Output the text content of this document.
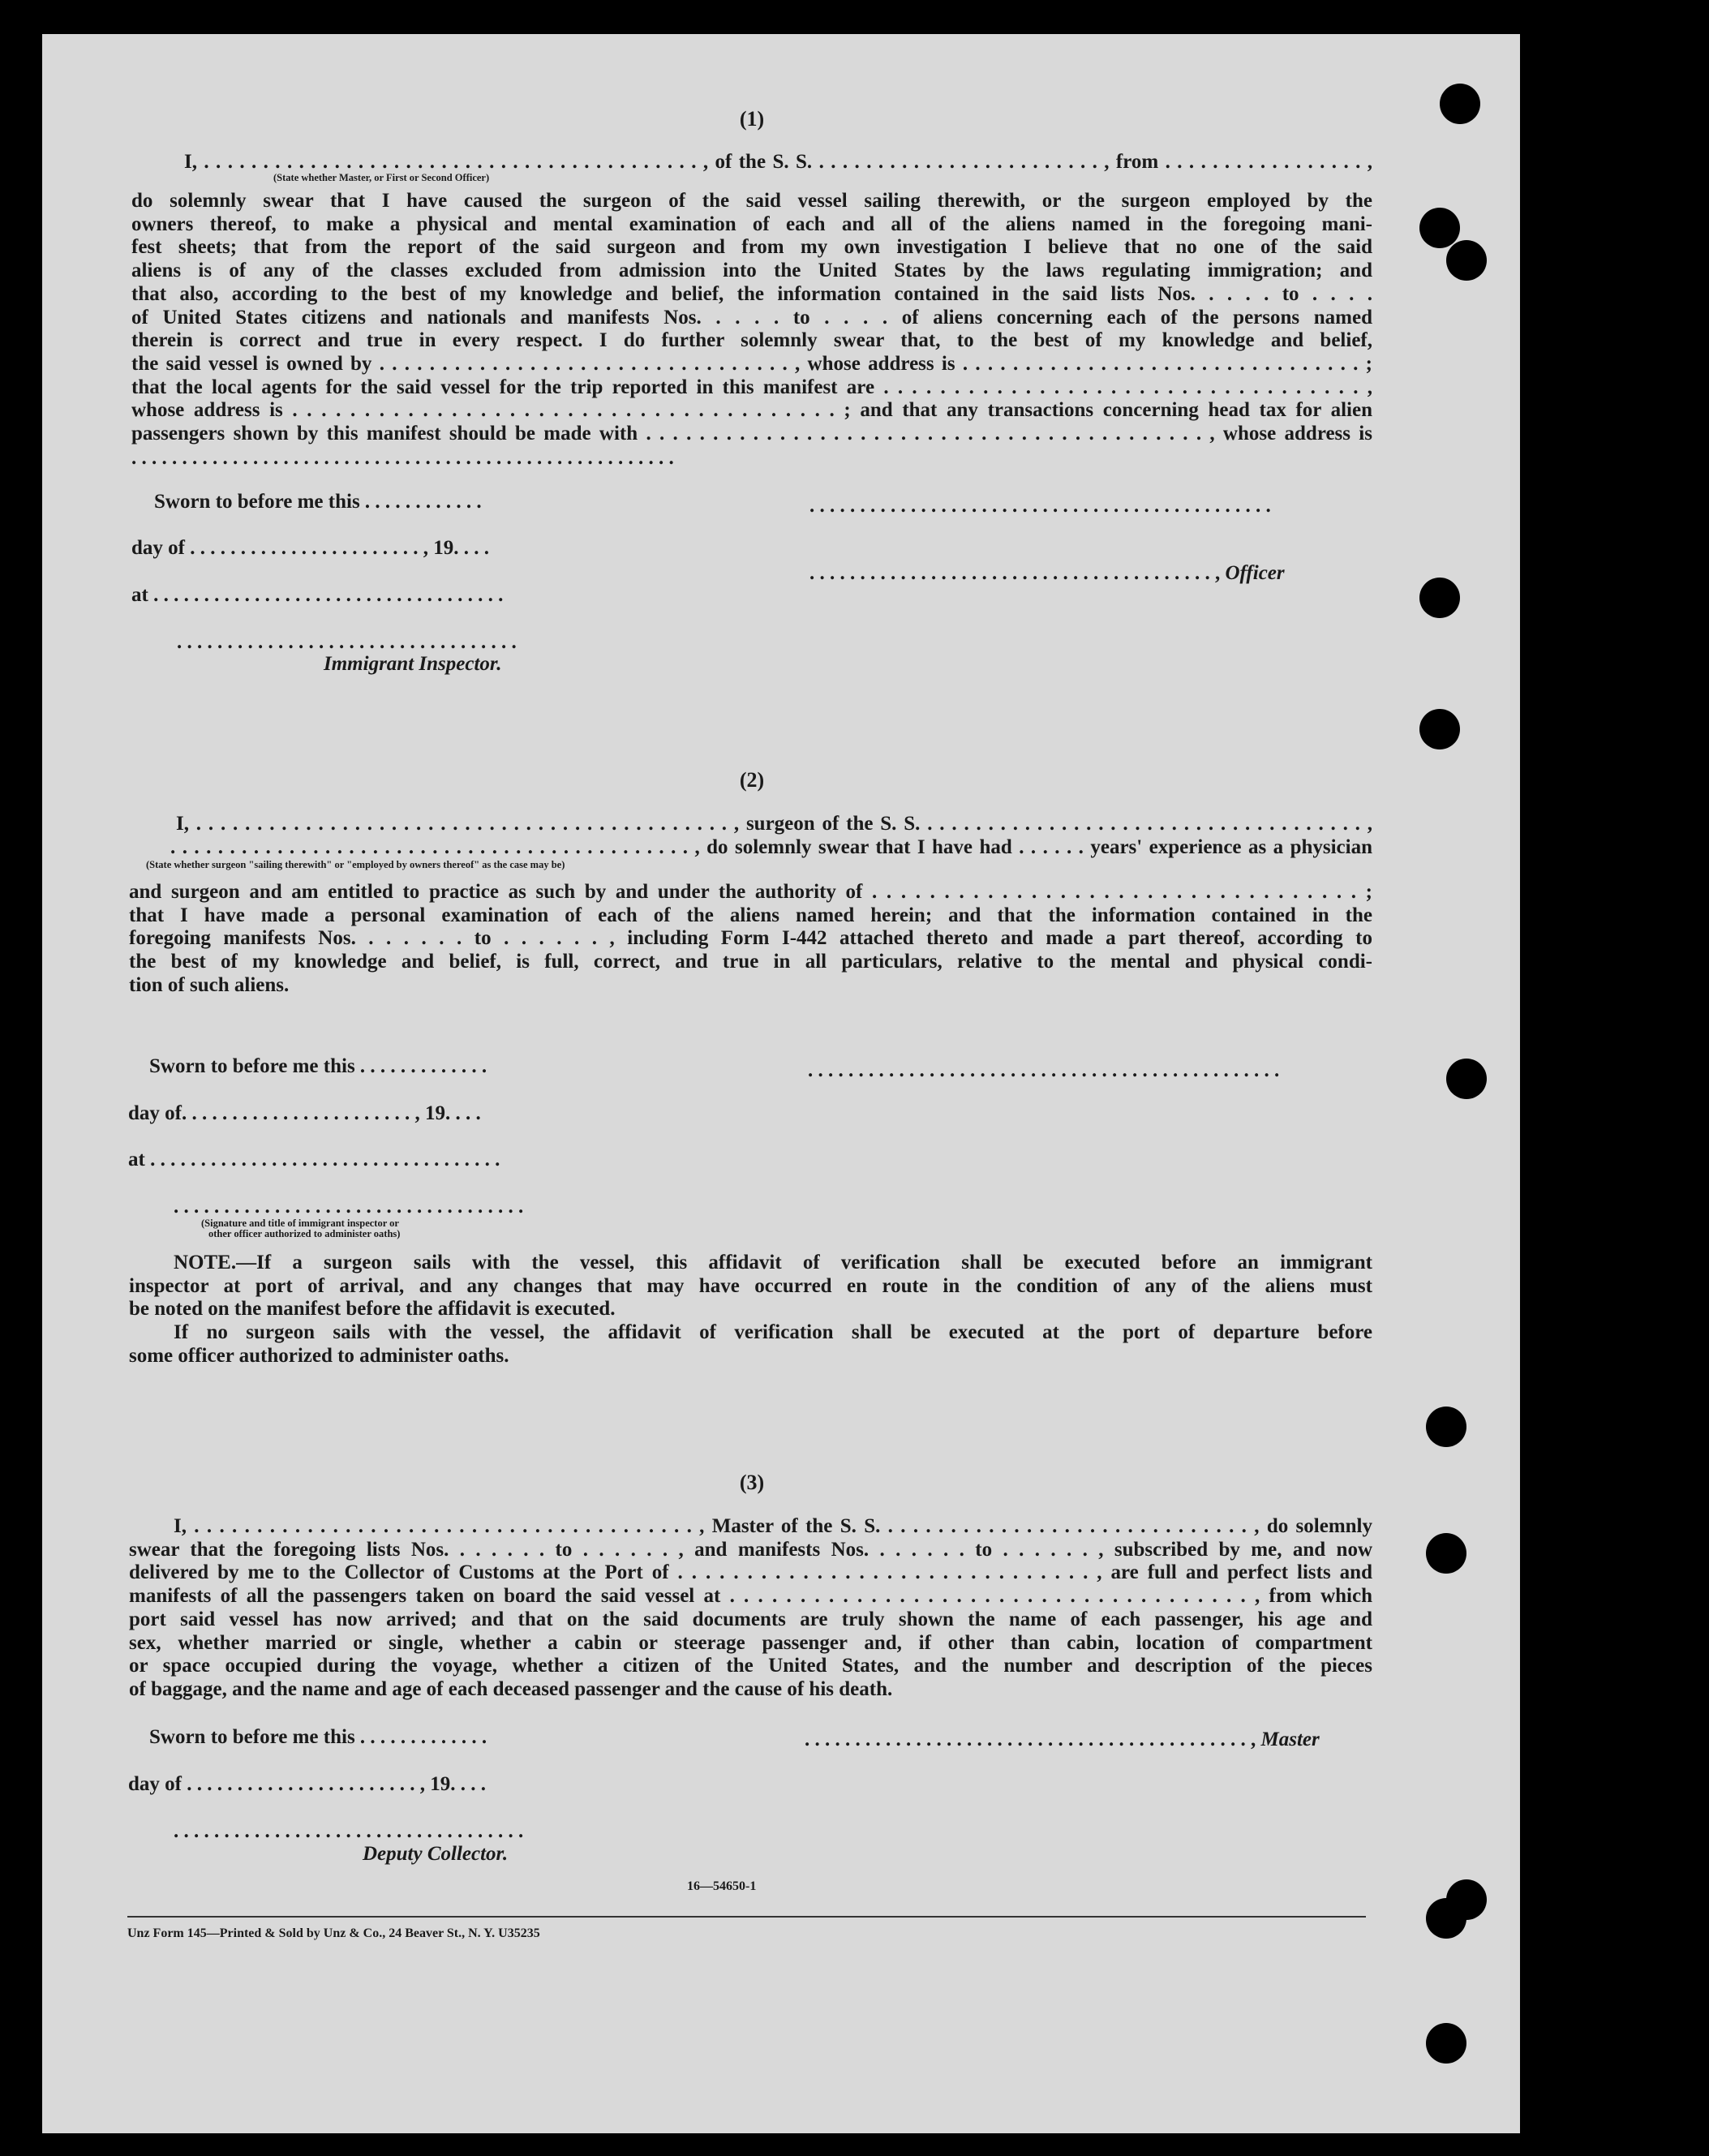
(1)
I, . . . . . . . . . . . . . . . . . . . . . . . . . . . . . . . . . . . . . . . . . . , of the S. S. . . . . . . . . . . . . . . . . . . . . . . . . , from . . . . . . . . . . . . . . . . . ,
(State whether Master, or First or Second Officer)
do solemnly swear that I have caused the surgeon of the said vessel sailing therewith, or the surgeon employed by the
owners thereof, to make a physical and mental examination of each and all of the aliens named in the foregoing mani-
fest sheets; that from the report of the said surgeon and from my own investigation I believe that no one of the said
aliens is of any of the classes excluded from admission into the United States by the laws regulating immigration; and
that also, according to the best of my knowledge and belief, the information contained in the said lists Nos. . . . . to . . . .
of United States citizens and nationals and manifests Nos. . . . . to . . . . of aliens concerning each of the persons named
therein is correct and true in every respect. I do further solemnly swear that, to the best of my knowledge and belief,
the said vessel is owned by . . . . . . . . . . . . . . . . . . . . . . . . . . . . . . . . . , whose address is . . . . . . . . . . . . . . . . . . . . . . . . . . . . . . . . ;
that the local agents for the said vessel for the trip reported in this manifest are . . . . . . . . . . . . . . . . . . . . . . . . . . . . . . . . . . ,
whose address is . . . . . . . . . . . . . . . . . . . . . . . . . . . . . . . . . . . . . . ; and that any transactions concerning head tax for alien
passengers shown by this manifest should be made with . . . . . . . . . . . . . . . . . . . . . . . . . . . . . . . . . . . . . . . . . . , whose address is
. . . . . . . . . . . . . . . . . . . . . . . . . . . . . . . . . . . . . . . . . . . . . . . . . . . . . .
Sworn to before me this . . . . . . . . . . . .	. . . . . . . . . . . . . . . . . . . . . . . . . . . . . . . . . . . . . . . . . . . . . .
day of . . . . . . . . . . . . . . . . . . . . . . . , 19. . . .
. . . . . . . . . . . . . . . . . . . . . . . . . . . . . . . . . . . . . . . . , Officer
at . . . . . . . . . . . . . . . . . . . . . . . . . . . . . . . . . . .
. . . . . . . . . . . . . . . . . . . . . . . . . . . . . . . . . .
Immigrant Inspector.
(2)
I, . . . . . . . . . . . . . . . . . . . . . . . . . . . . . . . . . . . . . . . . . . . . , surgeon of the S. S. . . . . . . . . . . . . . . . . . . . . . . . . . . . . . . . . . . . . ,
. . . . . . . . . . . . . . . . . . . . . . . . . . . . . . . . . . . . . . . . . . . . , do solemnly swear that I have had . . . . . . years' experience as a physician
(State whether surgeon "sailing therewith" or "employed by owners thereof" as the case may be)
and surgeon and am entitled to practice as such by and under the authority of . . . . . . . . . . . . . . . . . . . . . . . . . . . . . . . . . . ;
that I have made a personal examination of each of the aliens named herein; and that the information contained in the
foregoing manifests Nos. . . . . . . to . . . . . . , including Form I-442 attached thereto and made a part thereof, according to
the best of my knowledge and belief, is full, correct, and true in all particulars, relative to the mental and physical condi-
tion of such aliens.
Sworn to before me this . . . . . . . . . . . . .	. . . . . . . . . . . . . . . . . . . . . . . . . . . . . . . . . . . . . . . . . . . . . . .
day of. . . . . . . . . . . . . . . . . . . . . . . , 19. . . .
at . . . . . . . . . . . . . . . . . . . . . . . . . . . . . . . . . . .
. . . . . . . . . . . . . . . . . . . . . . . . . . . . . . . . . . .
(Signature and title of immigrant inspector or
other officer authorized to administer oaths)
NOTE.—If a surgeon sails with the vessel, this affidavit of verification shall be executed before an immigrant
inspector at port of arrival, and any changes that may have occurred en route in the condition of any of the aliens must
be noted on the manifest before the affidavit is executed.
If no surgeon sails with the vessel, the affidavit of verification shall be executed at the port of departure before
some officer authorized to administer oaths.
(3)
I, . . . . . . . . . . . . . . . . . . . . . . . . . . . . . . . . . . . . . . . . , Master of the S. S. . . . . . . . . . . . . . . . . . . . . . . . . . . . . . , do solemnly
swear that the foregoing lists Nos. . . . . . . to . . . . . . , and manifests Nos. . . . . . . to . . . . . . , subscribed by me, and now
delivered by me to the Collector of Customs at the Port of . . . . . . . . . . . . . . . . . . . . . . . . . . . . . . , are full and perfect lists and
manifests of all the passengers taken on board the said vessel at . . . . . . . . . . . . . . . . . . . . . . . . . . . . . . . . . . . . . , from which
port said vessel has now arrived; and that on the said documents are truly shown the name of each passenger, his age and
sex, whether married or single, whether a cabin or steerage passenger and, if other than cabin, location of compartment
or space occupied during the voyage, whether a citizen of the United States, and the number and description of the pieces
of baggage, and the name and age of each deceased passenger and the cause of his death.
Sworn to before me this . . . . . . . . . . . . .	. . . . . . . . . . . . . . . . . . . . . . . . . . . . . . . . . . . . . . . . . . . . , Master
day of . . . . . . . . . . . . . . . . . . . . . . . , 19. . . .
. . . . . . . . . . . . . . . . . . . . . . . . . . . . . . . . . . .
Deputy Collector.
16—54650-1
Unz Form 145—Printed & Sold by Unz & Co., 24 Beaver St., N. Y. U35235
